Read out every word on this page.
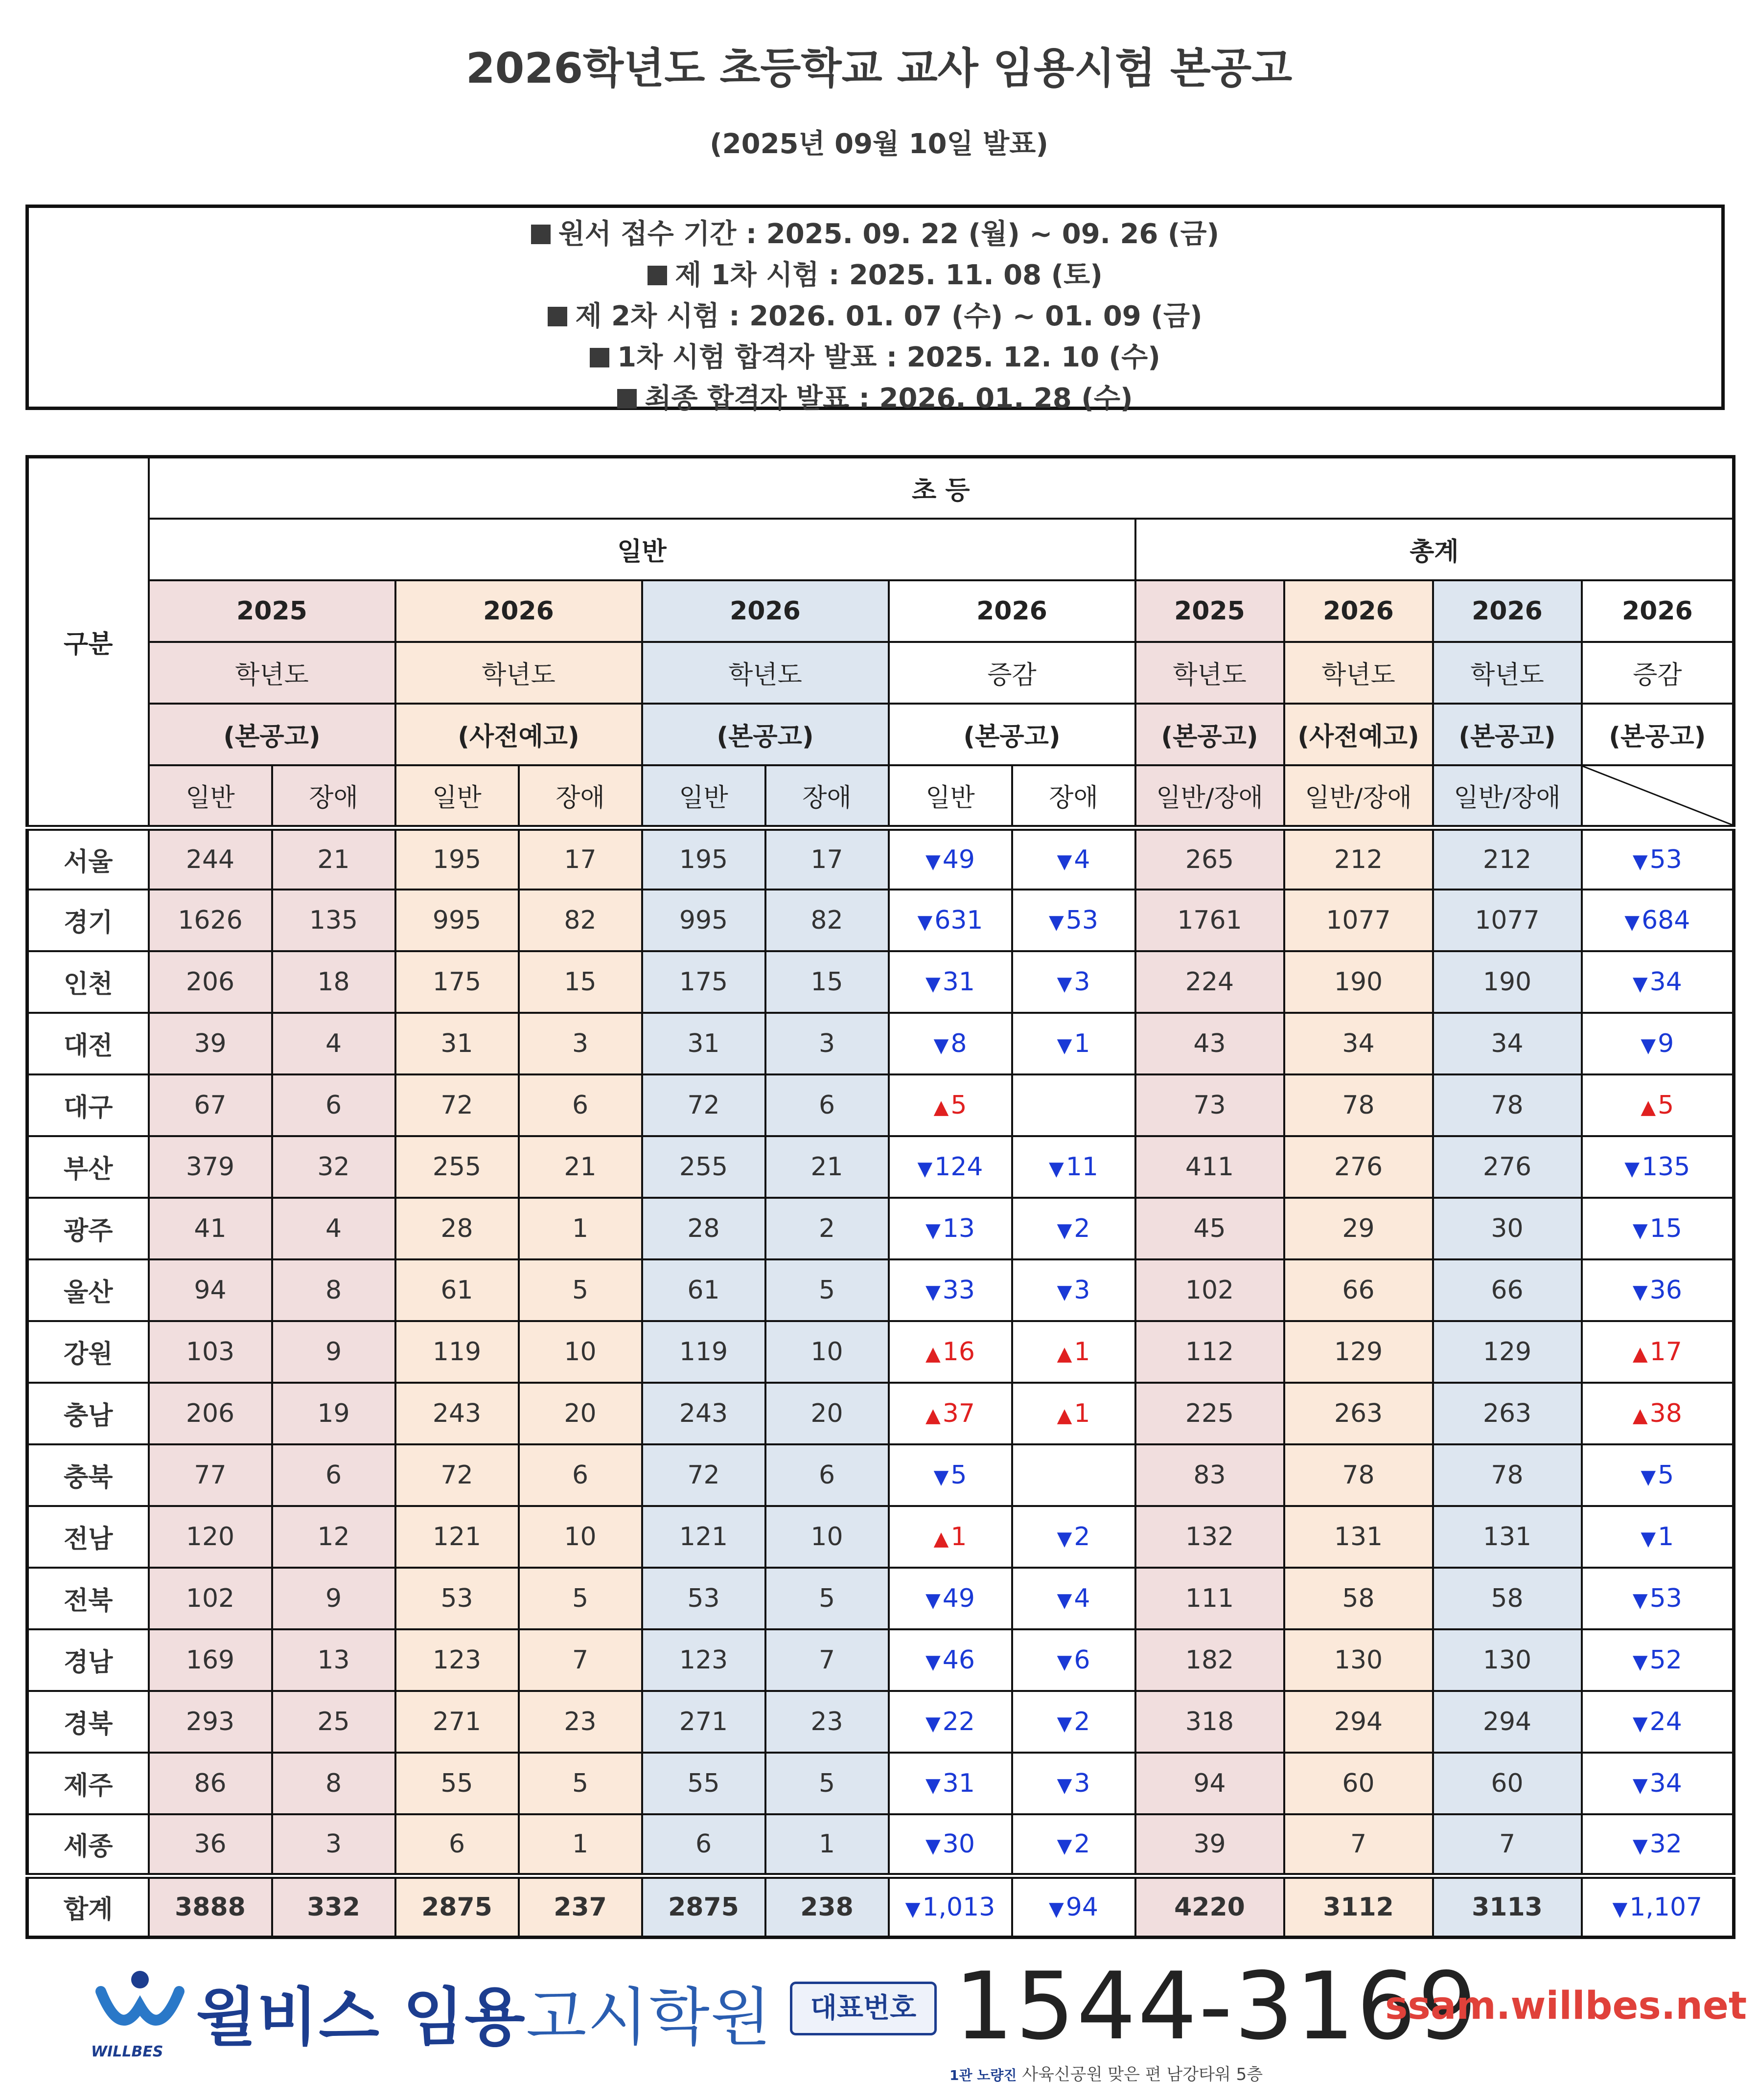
2026학년도 초등학교 교사 임용시험 본공고
(2025년 09월 10일 발표)
원서 접수 기간 : 2025. 09. 22 (월) ~ 09. 26 (금)
제 1차 시험 : 2025. 11. 08 (토)
제 2차 시험 : 2026. 01. 07 (수) ~ 01. 09 (금)
1차 시험 합격자 발표 : 2025. 12. 10 (수)
최종 합격자 발표 : 2026. 01. 28 (수)
구분	초 등											
	일반								총계			
	2025		2026		2026		2026		2025	2026	2026	2026
	학년도		학년도		학년도		증감		학년도	학년도	학년도	증감
	(본공고)		(사전예고)		(본공고)		(본공고)		(본공고)	(사전예고)	(본공고)	(본공고)
	일반	장애	일반	장애	일반	장애	일반	장애	일반/장애	일반/장애	일반/장애	

서울	244	21	195	17	195	17	▼49	▼4	265	212	212	▼53
경기	1626	135	995	82	995	82	▼631	▼53	1761	1077	1077	▼684
인천	206	18	175	15	175	15	▼31	▼3	224	190	190	▼34
대전	39	4	31	3	31	3	▼8	▼1	43	34	34	▼9
대구	67	6	72	6	72	6	▲5		73	78	78	▲5
부산	379	32	255	21	255	21	▼124	▼11	411	276	276	▼135
광주	41	4	28	1	28	2	▼13	▼2	45	29	30	▼15
울산	94	8	61	5	61	5	▼33	▼3	102	66	66	▼36
강원	103	9	119	10	119	10	▲16	▲1	112	129	129	▲17
충남	206	19	243	20	243	20	▲37	▲1	225	263	263	▲38
충북	77	6	72	6	72	6	▼5		83	78	78	▼5
전남	120	12	121	10	121	10	▲1	▼2	132	131	131	▼1
전북	102	9	53	5	53	5	▼49	▼4	111	58	58	▼53
경남	169	13	123	7	123	7	▼46	▼6	182	130	130	▼52
경북	293	25	271	23	271	23	▼22	▼2	318	294	294	▼24
제주	86	8	55	5	55	5	▼31	▼3	94	60	60	▼34
세종	36	3	6	1	6	1	▼30	▼2	39	7	7	▼32
합계	3888	332	2875	237	2875	238	▼1,013	▼94	4220	3112	3113	▼1,107
WILLBES 윌비스 임용고시학원	대표번호 1544-3169
ssam.willbes.net
1관 노량진 사육신공원 맞은 편 남강타워 5층
